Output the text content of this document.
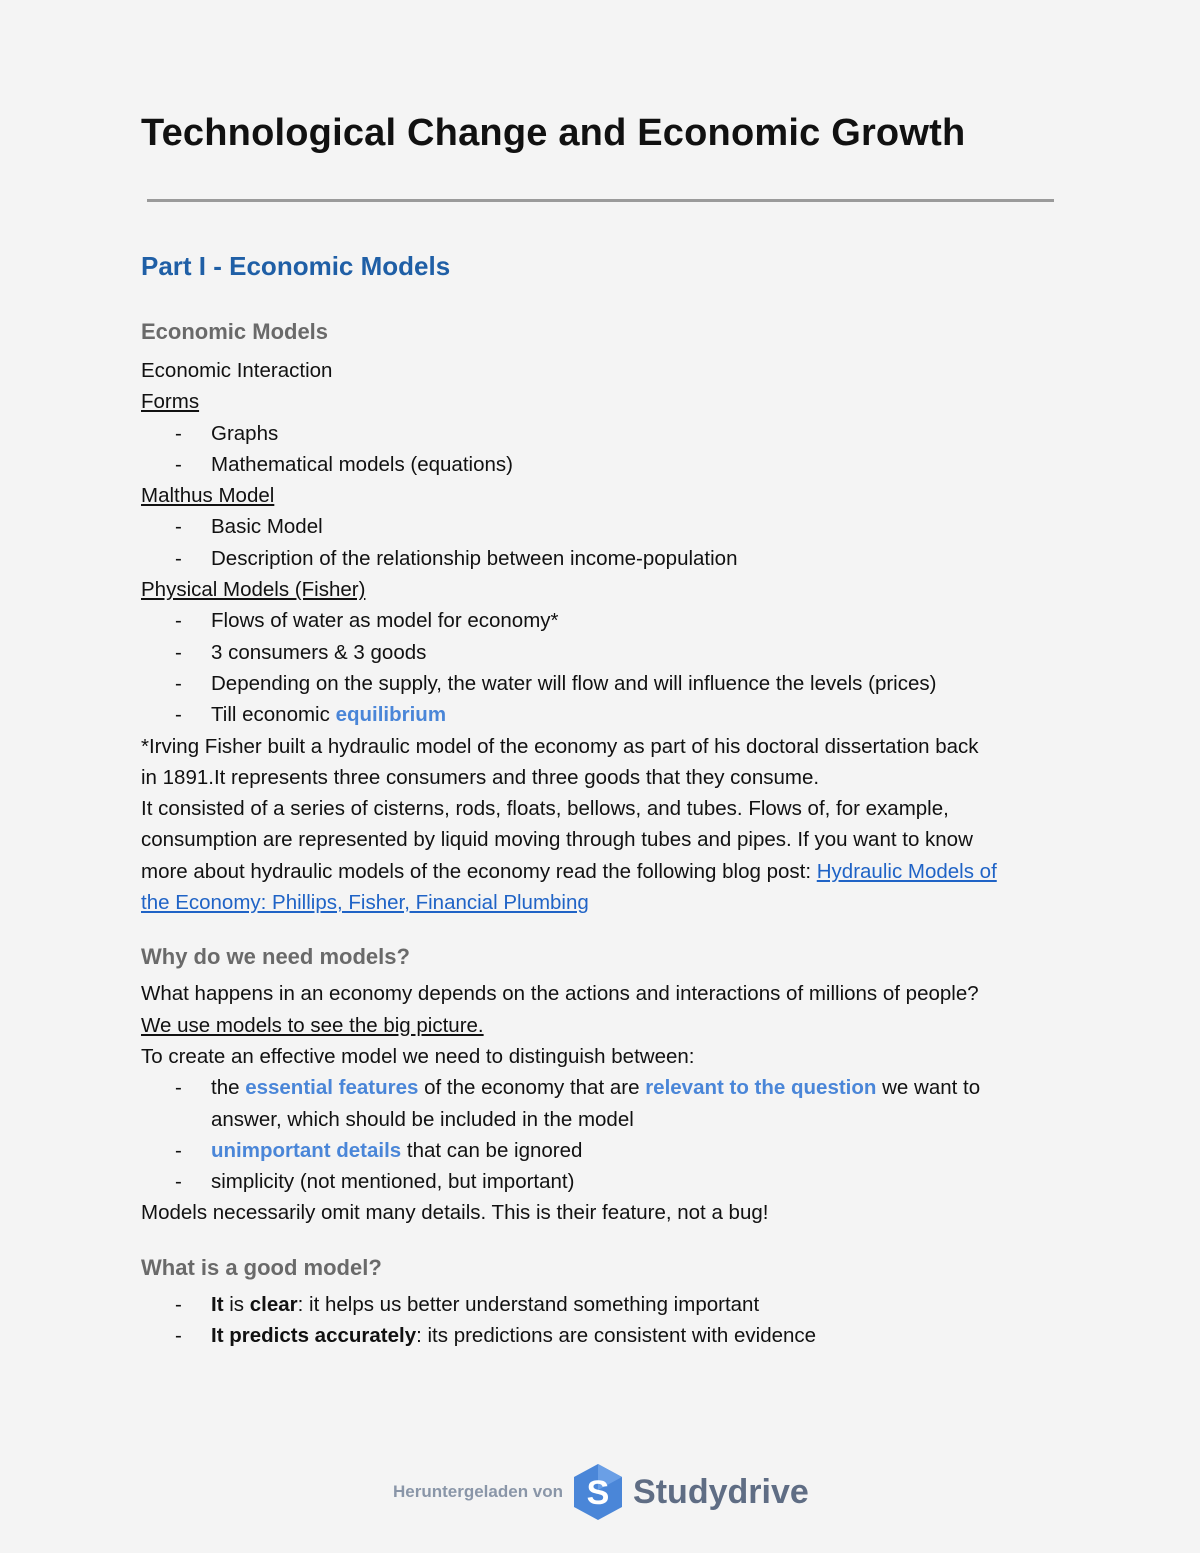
Technological Change and Economic Growth
Part I - Economic Models

Economic Models

Economic Interaction

Forms

- Graphs

- Mathematical models (equations)

Malthus Model

- Basic Model

- Description of the relationship between income-population

Physical Models (Fisher)

- Flows of water as model for economy*

- 3 consumers & 3 goods

- Depending on the supply, the water will flow and will influence the levels (prices)

- Till economic equilibrium

*Irving Fisher built a hydraulic model of the economy as part of his doctoral dissertation back

in 1891.It represents three consumers and three goods that they consume.

It consisted of a series of cisterns, rods, floats, bellows, and tubes. Flows of, for example,

consumption are represented by liquid moving through tubes and pipes. If you want to know

more about hydraulic models of the economy read the following blog post: Hydraulic Models of

the Economy: Phillips, Fisher, Financial Plumbing

Why do we need models?

What happens in an economy depends on the actions and interactions of millions of people?

We use models to see the big picture.

To create an effective model we need to distinguish between:

- the essential features of the economy that are relevant to the question we want to
answer, which should be included in the model

- unimportant details that can be ignored

- simplicity (not mentioned, but important)

Models necessarily omit many details. This is their feature, not a bug!

What is a good model?

- It is clear: it helps us better understand something important

- It predicts accurately: its predictions are consistent with evidence

Heruntergeladen von S Studydrive
